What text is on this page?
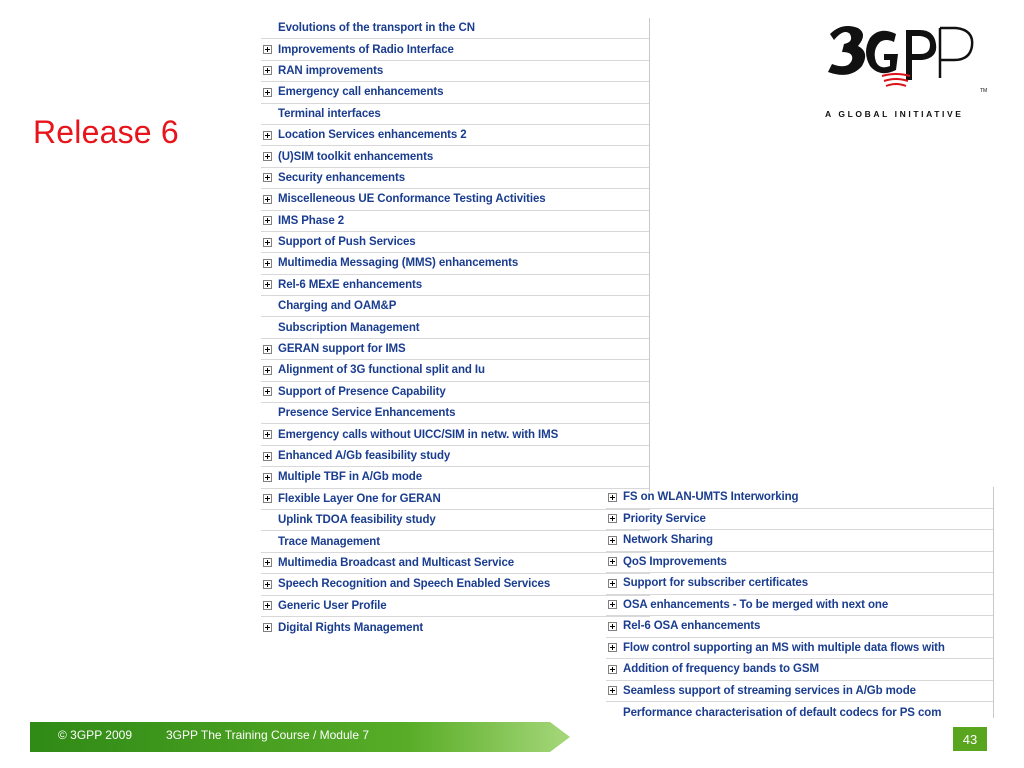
Release 6
Evolutions of the transport in the CN
Improvements of Radio Interface
RAN improvements
Emergency call enhancements
Terminal interfaces
Location Services enhancements 2
(U)SIM toolkit enhancements
Security enhancements
Miscelleneous UE Conformance Testing Activities
IMS Phase 2
Support of Push Services
Multimedia Messaging (MMS) enhancements
Rel-6 MExE enhancements
Charging and OAM&P
Subscription Management
GERAN support for IMS
Alignment of 3G functional split and Iu
Support of Presence Capability
Presence Service Enhancements
Emergency calls without UICC/SIM in netw. with IMS
Enhanced A/Gb feasibility study
Multiple TBF in A/Gb mode
Flexible Layer One for GERAN
Uplink TDOA feasibility study
Trace Management
Multimedia Broadcast and Multicast Service
Speech Recognition and Speech Enabled Services
Generic User Profile
Digital Rights Management
FS on WLAN-UMTS Interworking
Priority Service
Network Sharing
QoS Improvements
Support for subscriber certificates
OSA enhancements - To be merged with next one
Rel-6 OSA enhancements
Flow control supporting an MS with multiple data flows with
Addition of frequency bands to GSM
Seamless support of streaming services in A/Gb mode
Performance characterisation of default codecs for PS com
TM
A GLOBAL INITIATIVE
© 3GPP 2009	3GPP The Training Course / Module 7	43
